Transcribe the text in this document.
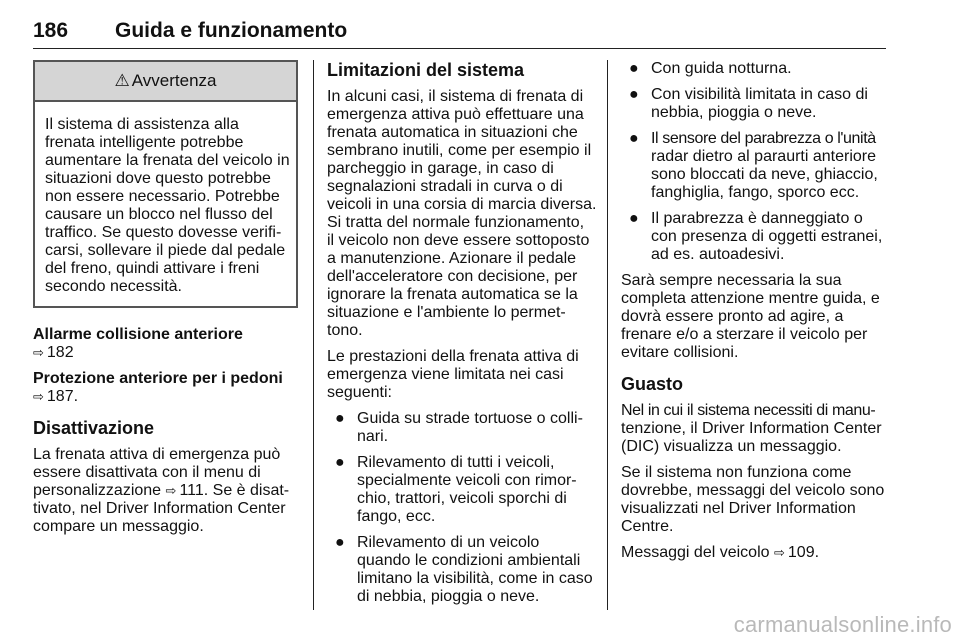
186 Guida e funzionamento
⚠ Avvertenza
Il sistema di assistenza alla
frenata intelligente potrebbe
aumentare la frenata del veicolo in
situazioni dove questo potrebbe
non essere necessario. Potrebbe
causare un blocco nel flusso del
traffico. Se questo dovesse verifi-
carsi, sollevare il piede dal pedale
del freno, quindi attivare i freni
secondo necessità.
Allarme collisione anteriore
⇨ 182
Protezione anteriore per i pedoni
⇨ 187.
Disattivazione

La frenata attiva di emergenza può
essere disattivata con il menu di
personalizzazione ⇨ 111. Se è disat-
tivato, nel Driver Information Center
compare un messaggio.

Limitazioni del sistema

In alcuni casi, il sistema di frenata di
emergenza attiva può effettuare una
frenata automatica in situazioni che
sembrano inutili, come per esempio il
parcheggio in garage, in caso di
segnalazioni stradali in curva o di
veicoli in una corsia di marcia diversa.
Si tratta del normale funzionamento,
il veicolo non deve essere sottoposto
a manutenzione. Azionare il pedale
dell'acceleratore con decisione, per
ignorare la frenata automatica se la
situazione e l'ambiente lo permet-
tono.

Le prestazioni della frenata attiva di
emergenza viene limitata nei casi
seguenti:

● Guida su strade tortuose o colli-
nari.
● Rilevamento di tutti i veicoli,
specialmente veicoli con rimor-
chio, trattori, veicoli sporchi di
fango, ecc.
● Rilevamento di un veicolo
quando le condizioni ambientali
limitano la visibilità, come in caso
di nebbia, pioggia o neve.
● Con guida notturna.
● Con visibilità limitata in caso di
nebbia, pioggia o neve.
● Il sensore del parabrezza o l'unità
radar dietro al paraurti anteriore
sono bloccati da neve, ghiaccio,
fanghiglia, fango, sporco ecc.
● Il parabrezza è danneggiato o
con presenza di oggetti estranei,
ad es. autoadesivi.

Sarà sempre necessaria la sua
completa attenzione mentre guida, e
dovrà essere pronto ad agire, a
frenare e/o a sterzare il veicolo per
evitare collisioni.

Guasto

Nel in cui il sistema necessiti di manu-
tenzione, il Driver Information Center
(DIC) visualizza un messaggio.

Se il sistema non funziona come
dovrebbe, messaggi del veicolo sono
visualizzati nel Driver Information
Centre.

Messaggi del veicolo ⇨ 109.

carmanualsonline.info
